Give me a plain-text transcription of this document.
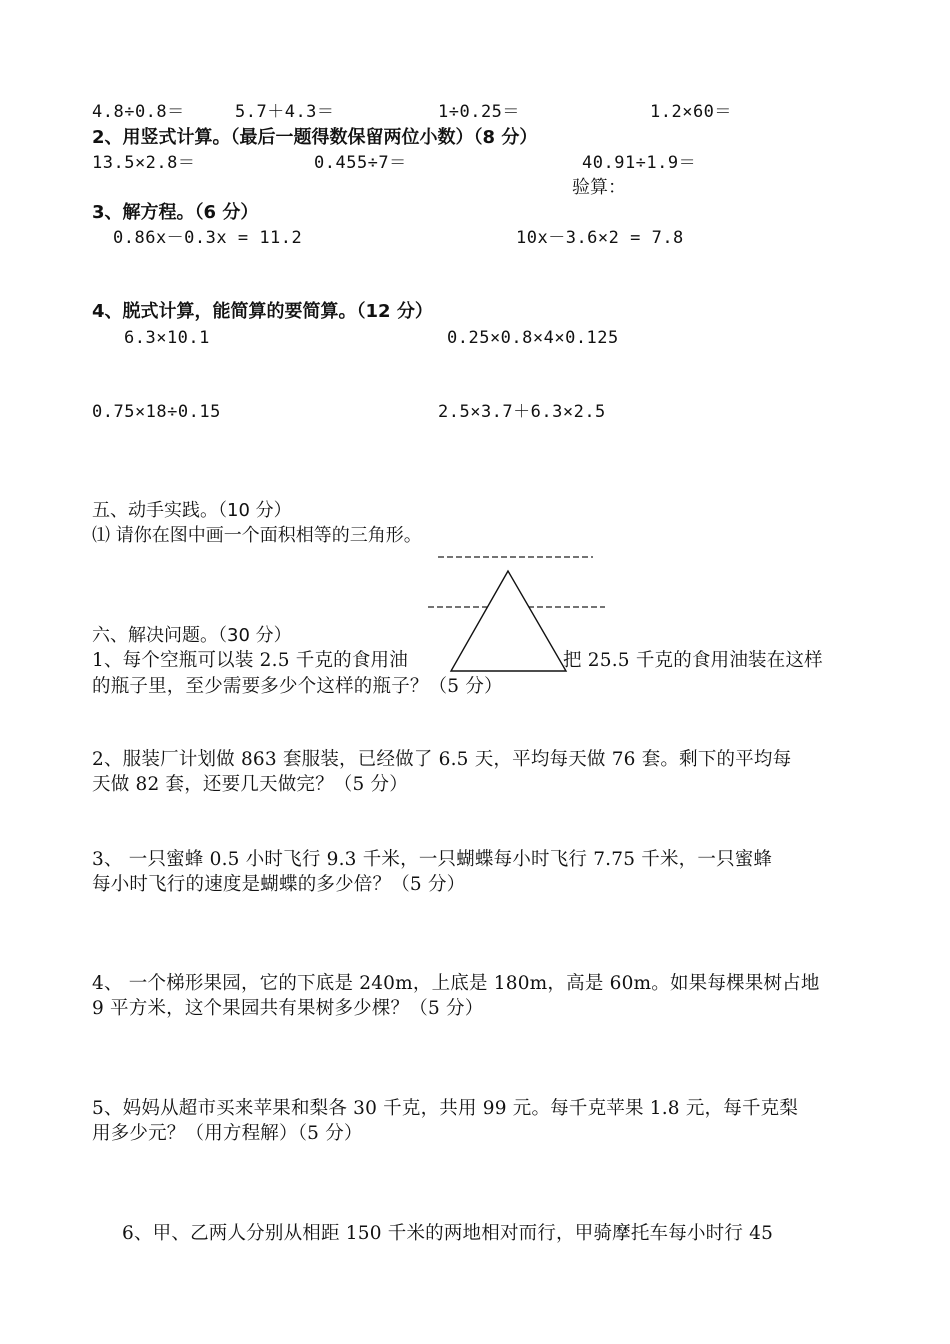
4.8÷0.8＝	5.7＋4.3＝	1÷0.25＝	1.2×60＝
2、用竖式计算。（最后一题得数保留两位小数）（8 分）
13.5×2.8＝	0.455÷7＝	40.91÷1.9＝
验算：
3、解方程。（6 分）
0.86x－0.3x = 11.2	10x－3.6×2 = 7.8
4、脱式计算，能简算的要简算。（12 分）
6.3×10.1	0.25×0.8×4×0.125
0.75×18÷0.15	2.5×3.7＋6.3×2.5
五、动手实践。（10 分）
⑴ 请你在图中画一个面积相等的三角形。
六、解决问题。（30 分）
1、每个空瓶可以装 2.5 千克的食用油	把 25.5 千克的食用油装在这样
的瓶子里，至少需要多少个这样的瓶子？（5 分）
2、服装厂计划做 863 套服装，已经做了 6.5 天，平均每天做 76 套。剩下的平均每
天做 82 套，还要几天做完？（5 分）
3、 一只蜜蜂 0.5 小时飞行 9.3 千米，一只蝴蝶每小时飞行 7.75 千米，一只蜜蜂
每小时飞行的速度是蝴蝶的多少倍？（5 分）
4、 一个梯形果园，它的下底是 240m，上底是 180m，高是 60m。如果每棵果树占地
9 平方米，这个果园共有果树多少棵？（5 分）
5、妈妈从超市买来苹果和梨各 30 千克，共用 99 元。每千克苹果 1.8 元，每千克梨
用多少元？（用方程解）（5 分）
6、甲、乙两人分别从相距 150 千米的两地相对而行，甲骑摩托车每小时行 45
